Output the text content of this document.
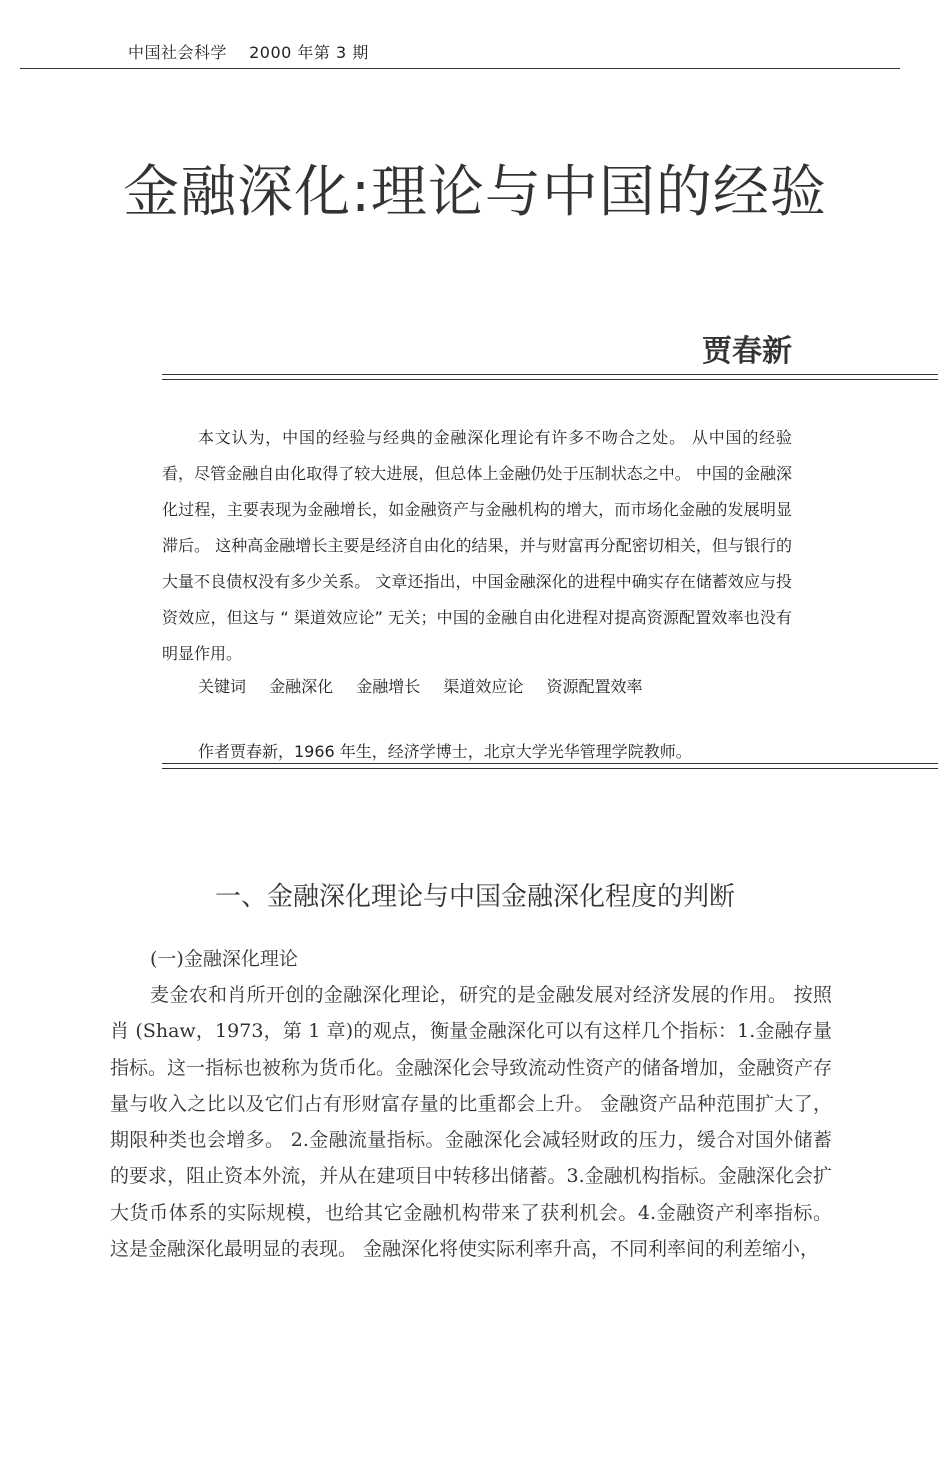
中国社会科学　 2000 年第 3 期
金融深化:理论与中国的经验
贾春新

本文认为，中国的经验与经典的金融深化理论有许多不吻合之处。 从中国的经验看，尽管金融自由化取得了较大进展，但总体上金融仍处于压制状态之中。 中国的金融深化过程，主要表现为金融增长，如金融资产与金融机构的增大，而市场化金融的发展明显滞后。 这种高金融增长主要是经济自由化的结果，并与财富再分配密切相关，但与银行的大量不良债权没有多少关系。 文章还指出，中国金融深化的进程中确实存在储蓄效应与投资效应，但这与 “ 渠道效应论” 无关；中国的金融自由化进程对提高资源配置效率也没有明显作用。

关键词 金融深化 金融增长 渠道效应论 资源配置效率
作者贾春新，1966 年生，经济学博士，北京大学光华管理学院教师。
一、金融深化理论与中国金融深化程度的判断
(一)金融深化理论

麦金农和肖所开创的金融深化理论，研究的是金融发展对经济发展的作用。 按照肖 (Shaw，1973，第 1 章)的观点，衡量金融深化可以有这样几个指标：1.金融存量指标。这一指标也被称为货币化。金融深化会导致流动性资产的储备增加，金融资产存量与收入之比以及它们占有形财富存量的比重都会上升。 金融资产品种范围扩大了，期限种类也会增多。 2.金融流量指标。金融深化会减轻财政的压力，缓合对国外储蓄的要求，阻止资本外流，并从在建项目中转移出储蓄。3.金融机构指标。金融深化会扩大货币体系的实际规模，也给其它金融机构带来了获利机会。4.金融资产利率指标。 这是金融深化最明显的表现。 金融深化将使实际利率升高，不同利率间的利差缩小，
